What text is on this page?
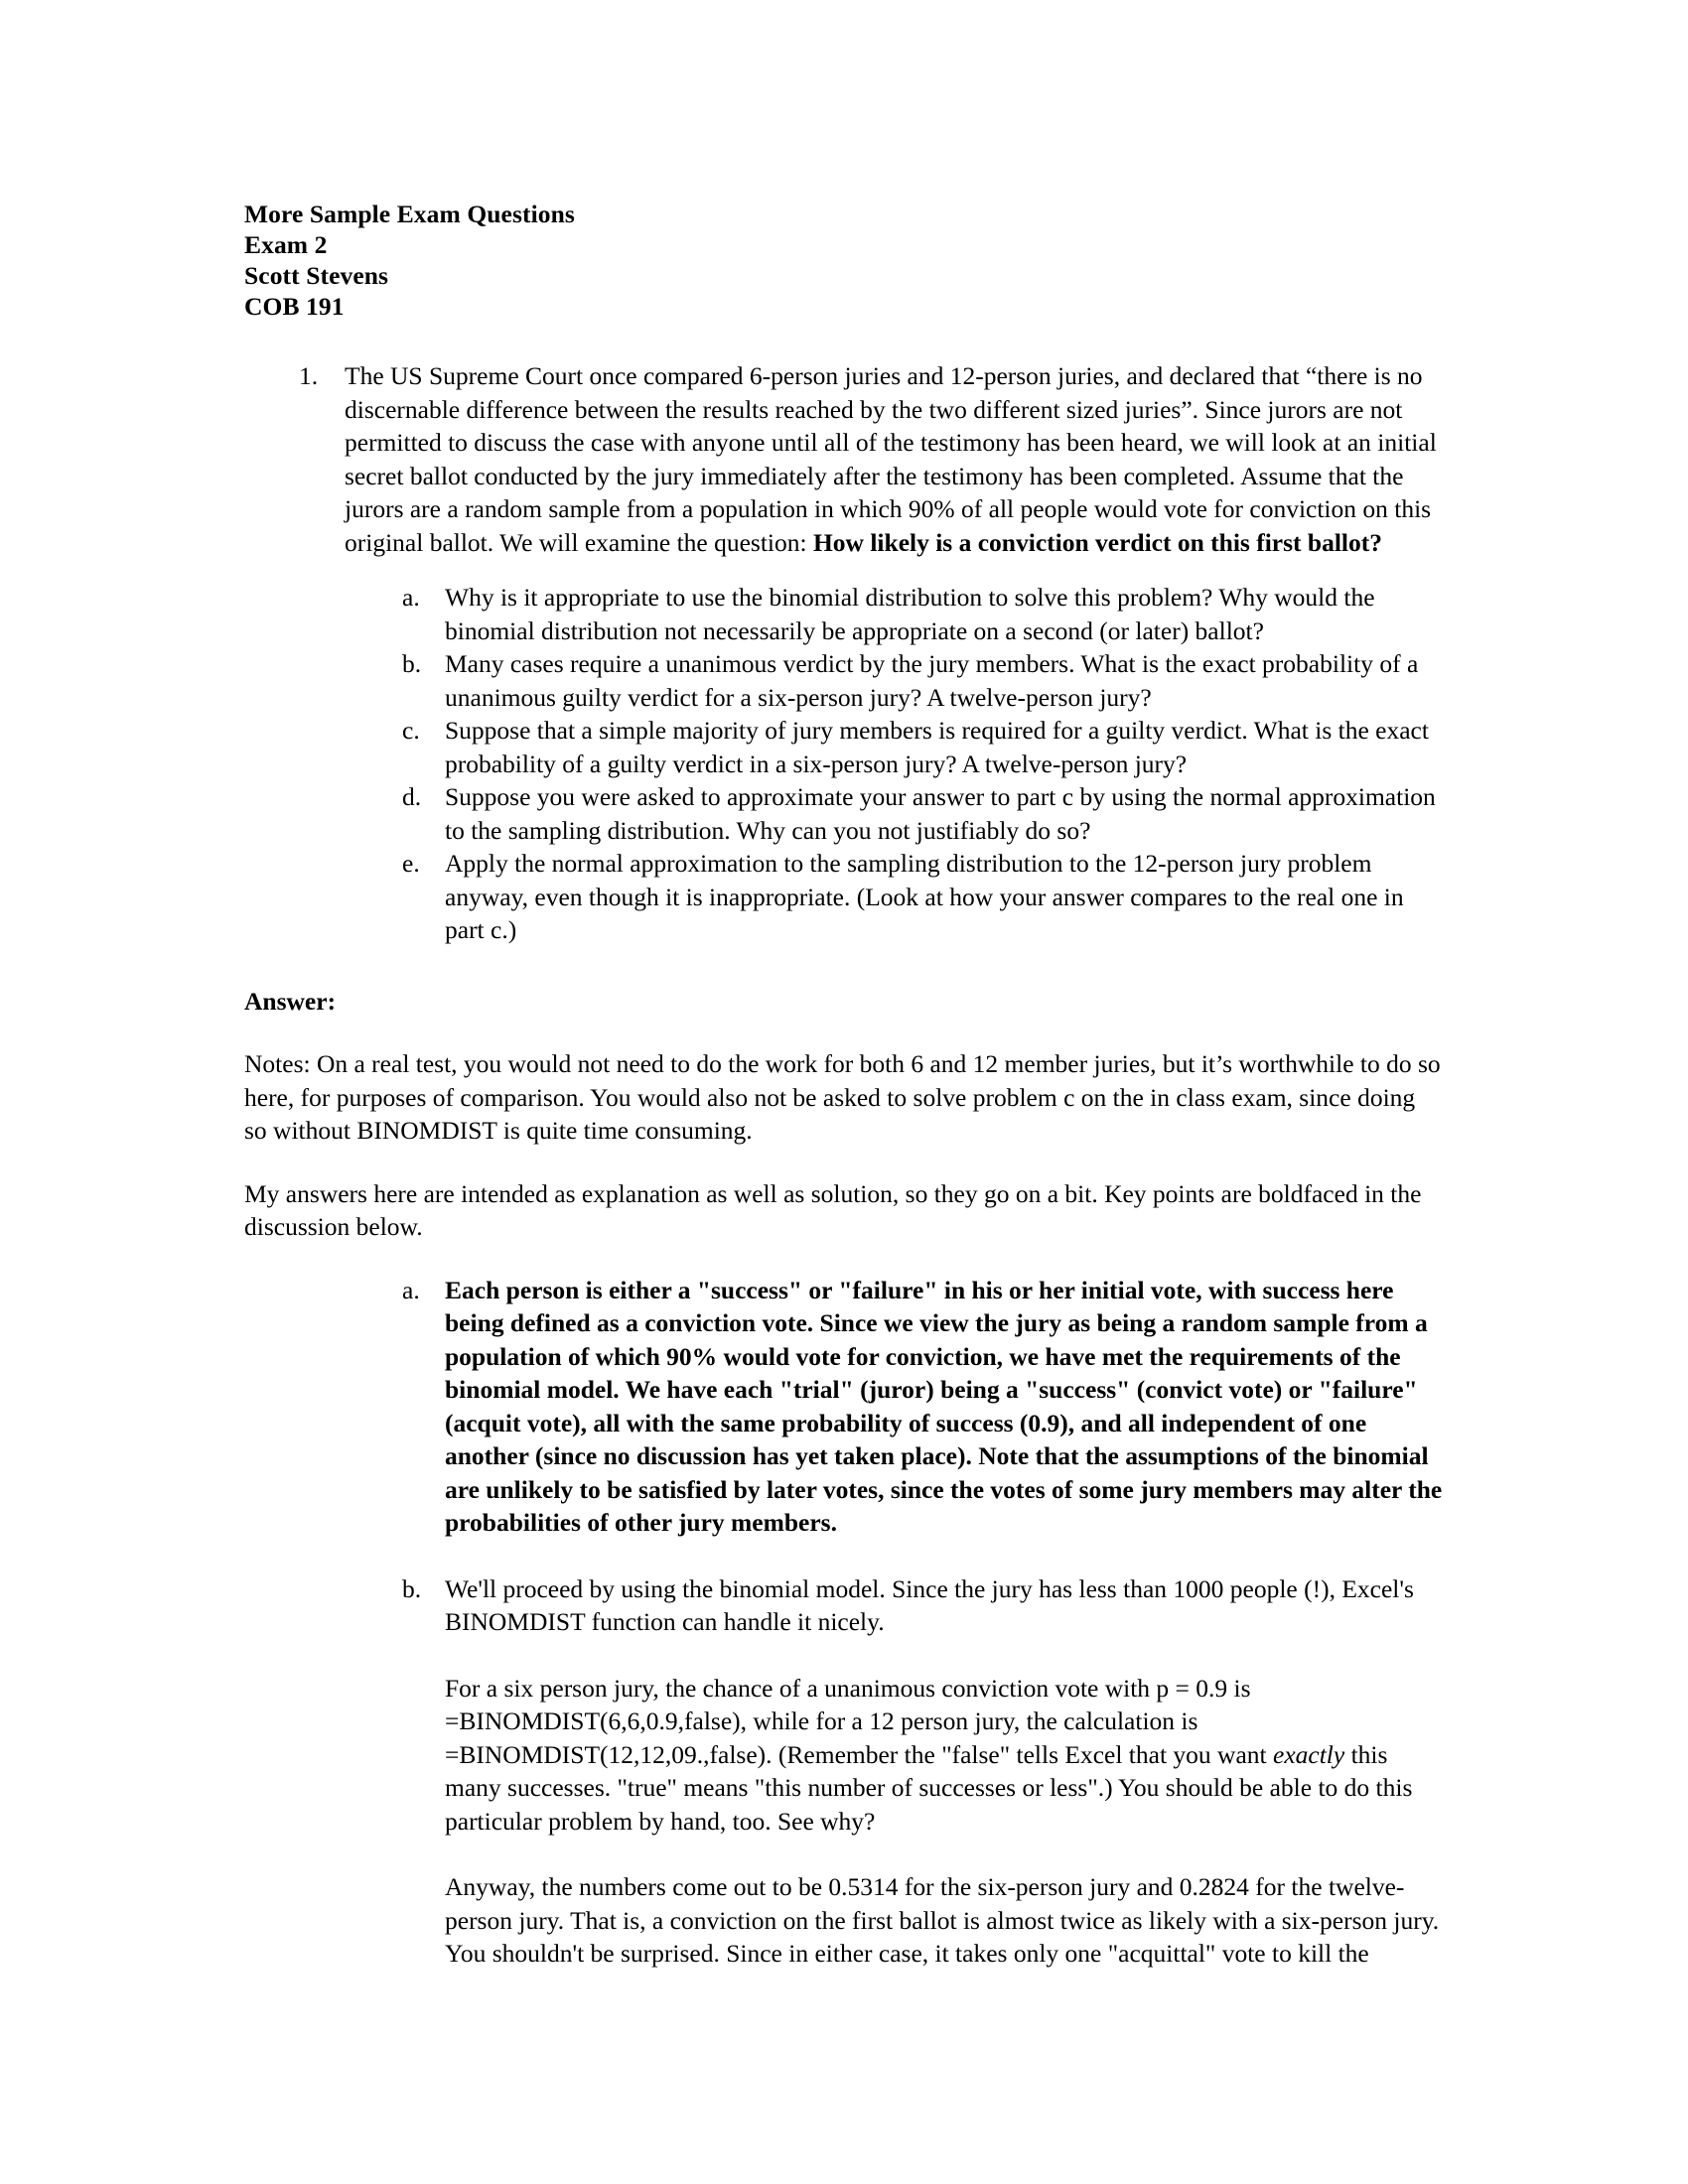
More Sample Exam Questions
Exam 2
Scott Stevens
COB 191
1. The US Supreme Court once compared 6-person juries and 12-person juries, and declared that “there is no discernable difference between the results reached by the two different sized juries”. Since jurors are not permitted to discuss the case with anyone until all of the testimony has been heard, we will look at an initial secret ballot conducted by the jury immediately after the testimony has been completed. Assume that the jurors are a random sample from a population in which 90% of all people would vote for conviction on this original ballot. We will examine the question: How likely is a conviction verdict on this first ballot?

a. Why is it appropriate to use the binomial distribution to solve this problem? Why would the binomial distribution not necessarily be appropriate on a second (or later) ballot?
b. Many cases require a unanimous verdict by the jury members. What is the exact probability of a unanimous guilty verdict for a six-person jury? A twelve-person jury?
c. Suppose that a simple majority of jury members is required for a guilty verdict. What is the exact probability of a guilty verdict in a six-person jury? A twelve-person jury?
d. Suppose you were asked to approximate your answer to part c by using the normal approximation to the sampling distribution. Why can you not justifiably do so?
e. Apply the normal approximation to the sampling distribution to the 12-person jury problem anyway, even though it is inappropriate. (Look at how your answer compares to the real one in part c.)
Answer:

Notes: On a real test, you would not need to do the work for both 6 and 12 member juries, but it’s worthwhile to do so here, for purposes of comparison. You would also not be asked to solve problem c on the in class exam, since doing so without BINOMDIST is quite time consuming.

My answers here are intended as explanation as well as solution, so they go on a bit. Key points are boldfaced in the discussion below.

a. Each person is either a "success" or "failure" in his or her initial vote, with success here being defined as a conviction vote. Since we view the jury as being a random sample from a population of which 90% would vote for conviction, we have met the requirements of the binomial model. We have each "trial" (juror) being a "success" (convict vote) or "failure" (acquit vote), all with the same probability of success (0.9), and all independent of one another (since no discussion has yet taken place). Note that the assumptions of the binomial are unlikely to be satisfied by later votes, since the votes of some jury members may alter the probabilities of other jury members.

b. We'll proceed by using the binomial model. Since the jury has less than 1000 people (!), Excel's BINOMDIST function can handle it nicely.

For a six person jury, the chance of a unanimous conviction vote with p = 0.9 is =BINOMDIST(6,6,0.9,false), while for a 12 person jury, the calculation is =BINOMDIST(12,12,09.,false). (Remember the "false" tells Excel that you want exactly this many successes. "true" means "this number of successes or less".) You should be able to do this particular problem by hand, too. See why?

Anyway, the numbers come out to be 0.5314 for the six-person jury and 0.2824 for the twelve-person jury. That is, a conviction on the first ballot is almost twice as likely with a six-person jury. You shouldn't be surprised. Since in either case, it takes only one "acquittal" vote to kill the
